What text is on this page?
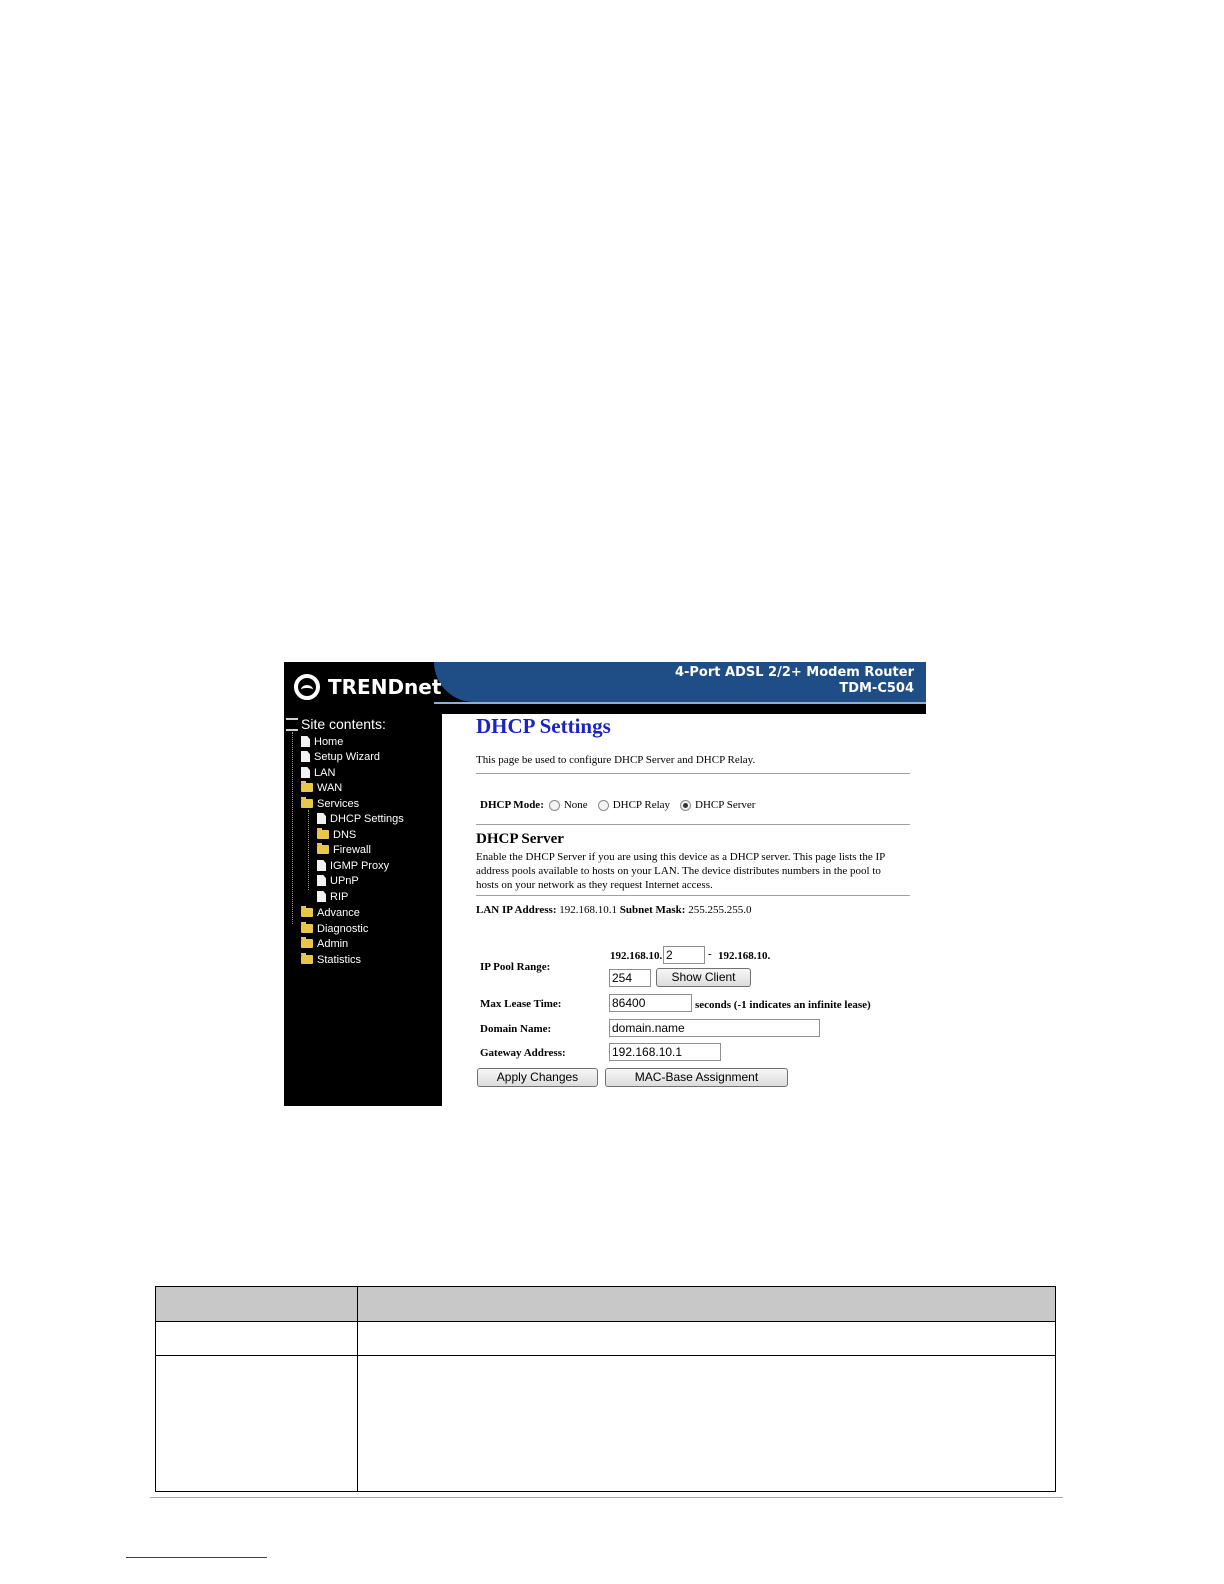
TRENDnet
4-Port ADSL 2/2+ Modem Router
TDM-C504
Site contents:
Home
Setup Wizard
LAN
WAN
Services
DHCP Settings
DNS
Firewall
IGMP Proxy
UPnP
RIP
Advance
Diagnostic
Admin
Statistics
DHCP Settings
This page be used to configure DHCP Server and DHCP Relay.
DHCP Mode: None DHCP Relay DHCP Server
DHCP Server
Enable the DHCP Server if you are using this device as a DHCP server. This page lists the IP address pools available to hosts on your LAN. The device distributes numbers in the pool to hosts on your network as they request Internet access.
LAN IP Address: 192.168.10.1 Subnet Mask: 255.255.255.0
IP Pool Range:
192.168.10. 2	- 192.168.10.
254	Show Client
Max Lease Time:	86400	seconds (-1 indicates an infinite lease)
Domain Name:	domain.name
Gateway Address:	192.168.10.1
Apply Changes	MAC-Base Assignment
